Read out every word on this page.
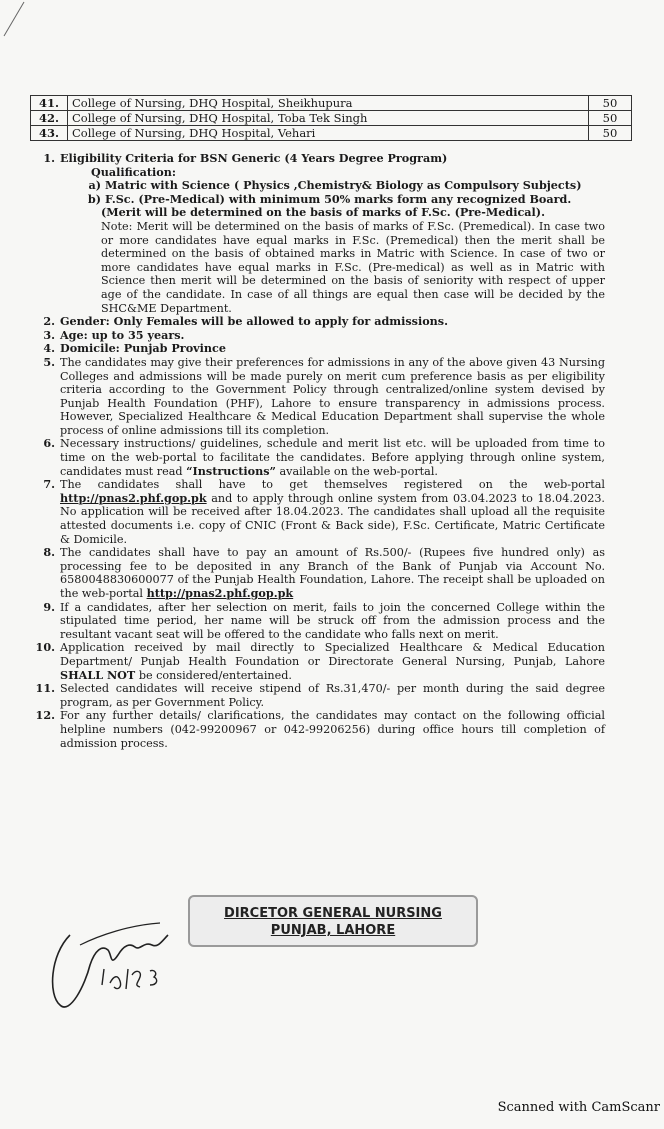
41.	College of Nursing, DHQ Hospital, Sheikhupura	50
42.	College of Nursing, DHQ Hospital, Toba Tek Singh	50
43.	College of Nursing, DHQ Hospital, Vehari	50
1. Eligibility Criteria for BSN Generic (4 Years Degree Program)
Qualification:
a) Matric with Science ( Physics ,Chemistry& Biology as Compulsory Subjects)
b) F.Sc. (Pre-Medical) with minimum 50% marks form any recognized Board.
(Merit will be determined on the basis of marks of F.Sc. (Pre-Medical).
Note: Merit will be determined on the basis of marks of F.Sc. (Premedical). In case two or more candidates have equal marks in F.Sc. (Premedical) then the merit shall be determined on the basis of obtained marks in Matric with Science. In case of two or more candidates have equal marks in F.Sc. (Pre-medical) as well as in Matric with Science then merit will be determined on the basis of seniority with respect of upper age of the candidate. In case of all things are equal then case will be decided by the SHC&ME Department.
2. Gender: Only Females will be allowed to apply for admissions.
3. Age: up to 35 years.
4. Domicile: Punjab Province
5. The candidates may give their preferences for admissions in any of the above given 43 Nursing Colleges and admissions will be made purely on merit cum preference basis as per eligibility criteria according to the Government Policy through centralized/online system devised by Punjab Health Foundation (PHF), Lahore to ensure transparency in admissions process. However, Specialized Healthcare & Medical Education Department shall supervise the whole process of online admissions till its completion.
6. Necessary instructions/ guidelines, schedule and merit list etc. will be uploaded from time to time on the web-portal to facilitate the candidates. Before applying through online system, candidates must read “Instructions” available on the web-portal.
7. The candidates shall have to get themselves registered on the web-portal http://pnas2.phf.gop.pk and to apply through online system from 03.04.2023 to 18.04.2023. No application will be received after 18.04.2023. The candidates shall upload all the requisite attested documents i.e. copy of CNIC (Front & Back side), F.Sc. Certificate, Matric Certificate & Domicile.
8. The candidates shall have to pay an amount of Rs.500/- (Rupees five hundred only) as processing fee to be deposited in any Branch of the Bank of Punjab via Account No. 6580048830600077 of the Punjab Health Foundation, Lahore. The receipt shall be uploaded on the web-portal http://pnas2.phf.gop.pk
9. If a candidates, after her selection on merit, fails to join the concerned College within the stipulated time period, her name will be struck off from the admission process and the resultant vacant seat will be offered to the candidate who falls next on merit.
10. Application received by mail directly to Specialized Healthcare & Medical Education Department/ Punjab Health Foundation or Directorate General Nursing, Punjab, Lahore SHALL NOT be considered/entertained.
11. Selected candidates will receive stipend of Rs.31,470/- per month during the said degree program, as per Government Policy.
12. For any further details/ clarifications, the candidates may contact on the following official helpline numbers (042-99200967 or 042-99206256) during office hours till completion of admission process.
DIRCETOR GENERAL NURSING
PUNJAB, LAHORE
Scanned with CamScanr
